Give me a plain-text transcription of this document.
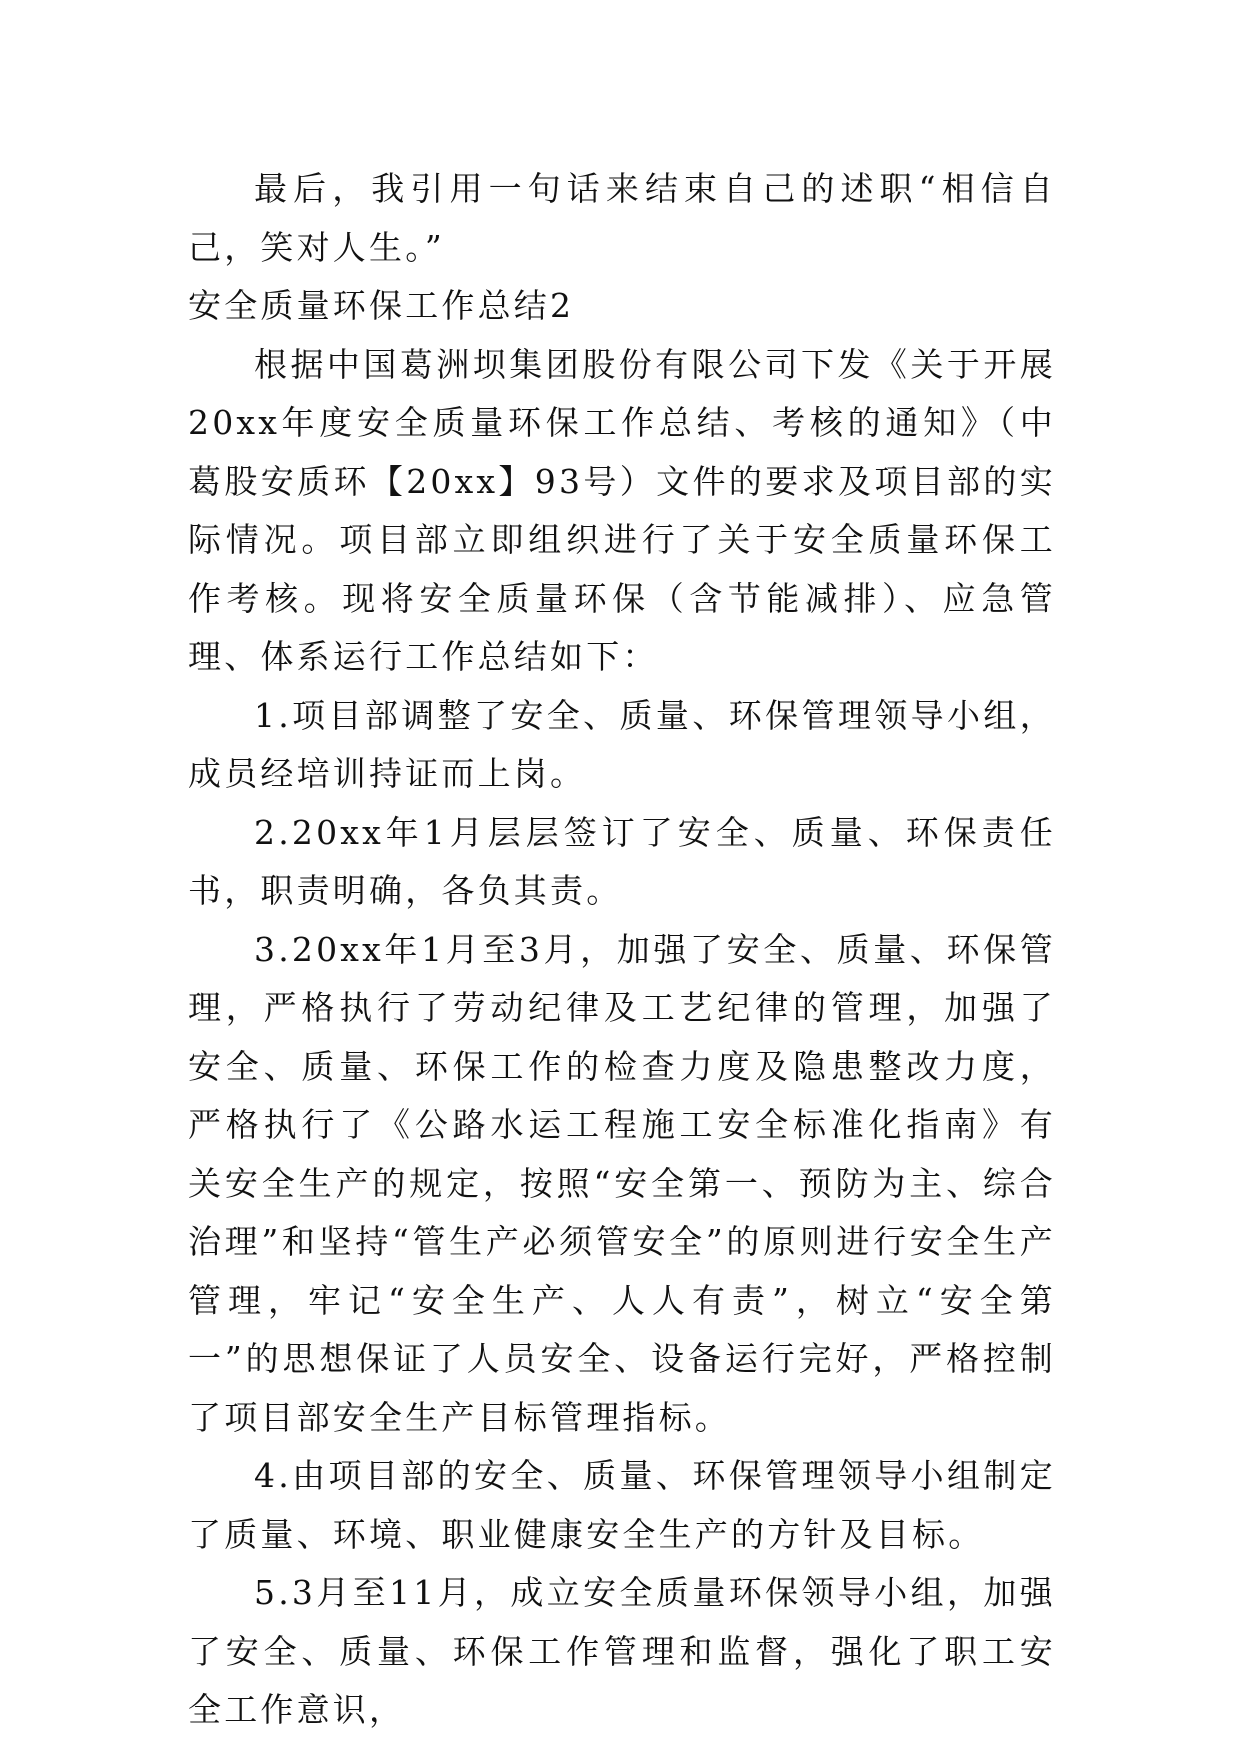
最后，我引用一句话来结束自己的述职“相信自己，笑对人生。”

安全质量环保工作总结2

根据中国葛洲坝集团股份有限公司下发《关于开展20xx年度安全质量环保工作总结、考核的通知》（中葛股安质环【20xx】93号）文件的要求及项目部的实际情况。项目部立即组织进行了关于安全质量环保工作考核。现将安全质量环保（含节能减排）、应急管理、体系运行工作总结如下：

1.项目部调整了安全、质量、环保管理领导小组，成员经培训持证而上岗。

2.20xx年1月层层签订了安全、质量、环保责任书，职责明确，各负其责。

3.20xx年1月至3月，加强了安全、质量、环保管理，严格执行了劳动纪律及工艺纪律的管理，加强了安全、质量、环保工作的检查力度及隐患整改力度，严格执行了《公路水运工程施工安全标准化指南》有关安全生产的规定，按照“安全第一、预防为主、综合治理”和坚持“管生产必须管安全”的原则进行安全生产管理，牢记“安全生产、人人有责”，树立“安全第一”的思想保证了人员安全、设备运行完好，严格控制了项目部安全生产目标管理指标。

4.由项目部的安全、质量、环保管理领导小组制定了质量、环境、职业健康安全生产的方针及目标。

5.3月至11月，成立安全质量环保领导小组，加强了安全、质量、环保工作管理和监督，强化了职工安全工作意识，
